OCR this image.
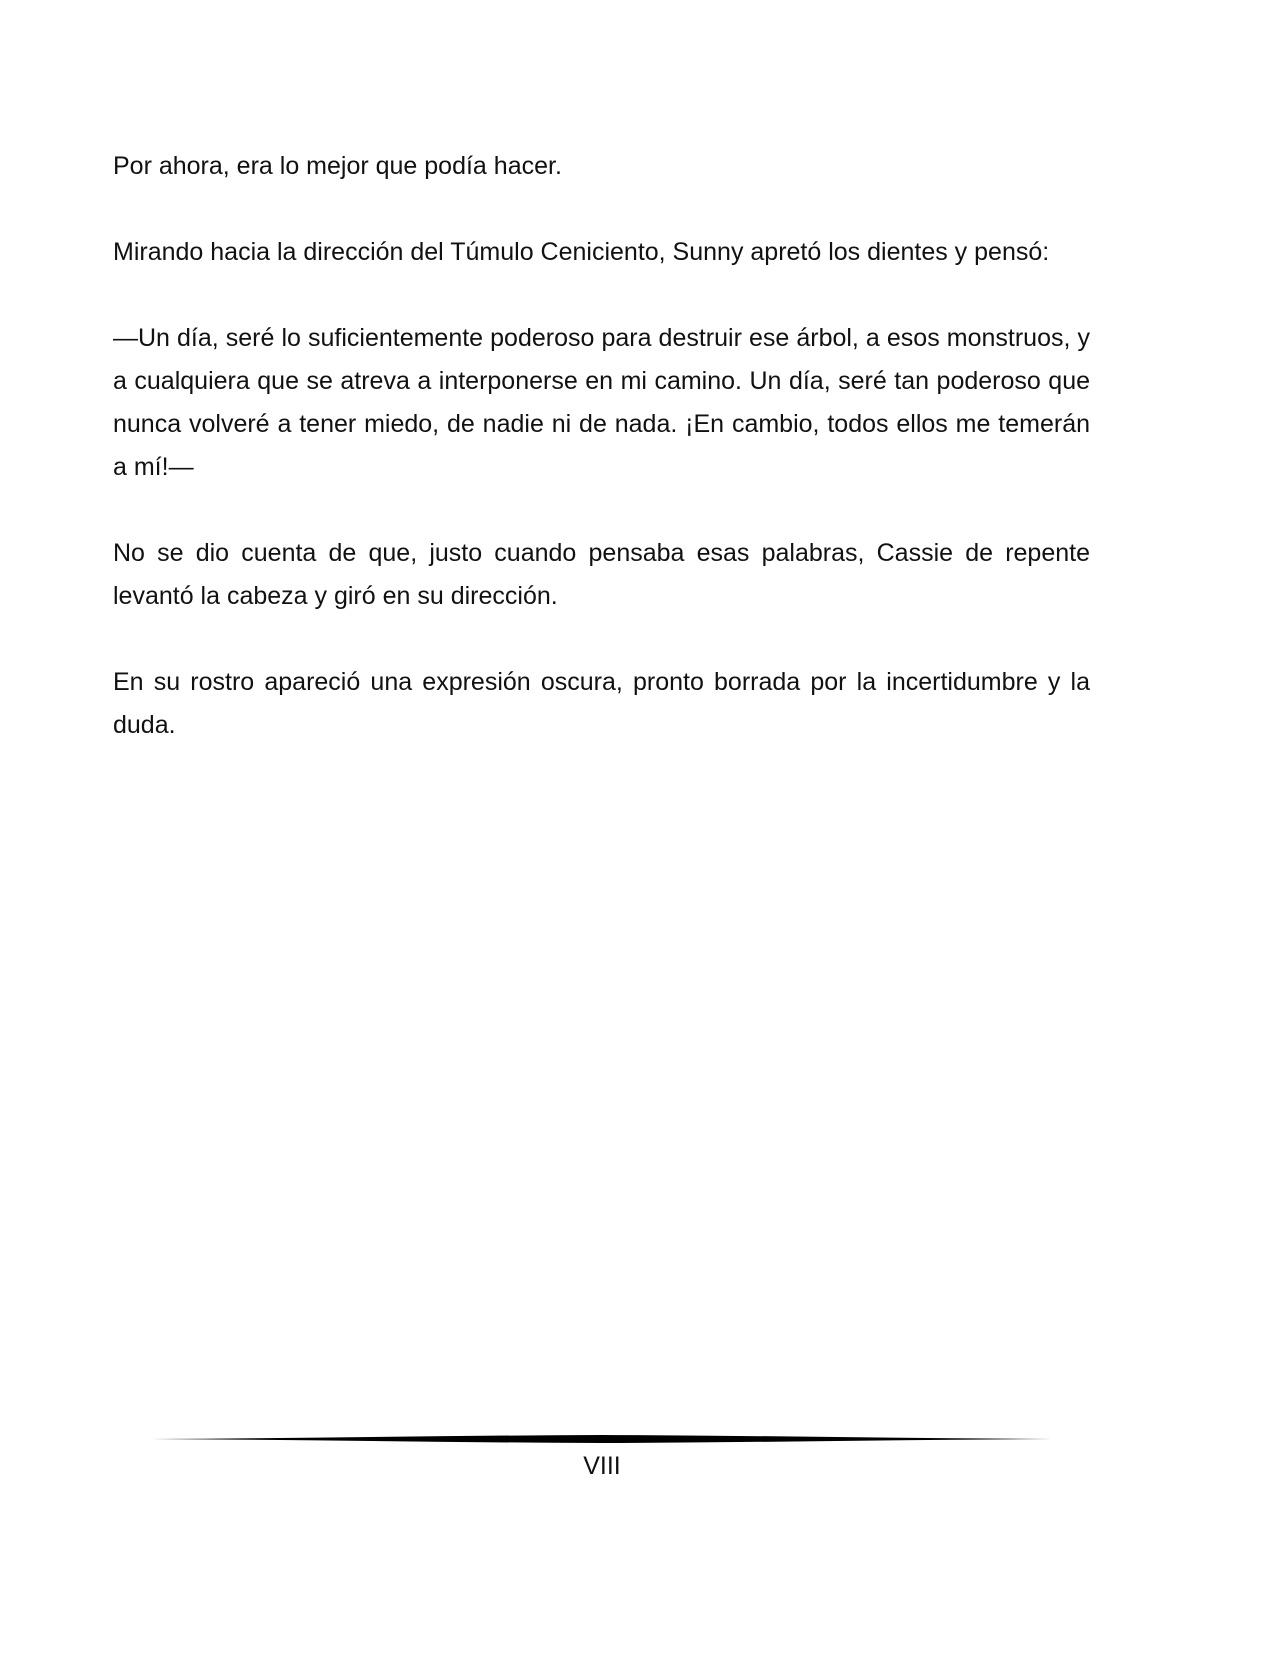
Por ahora, era lo mejor que podía hacer.

Mirando hacia la dirección del Túmulo Ceniciento, Sunny apretó los dientes y pensó:

—Un día, seré lo suficientemente poderoso para destruir ese árbol, a esos monstruos, y a cualquiera que se atreva a interponerse en mi camino. Un día, seré tan poderoso que nunca volveré a tener miedo, de nadie ni de nada. ¡En cambio, todos ellos me temerán a mí!—

No se dio cuenta de que, justo cuando pensaba esas palabras, Cassie de repente levantó la cabeza y giró en su dirección.

En su rostro apareció una expresión oscura, pronto borrada por la incertidumbre y la duda.

VIII
